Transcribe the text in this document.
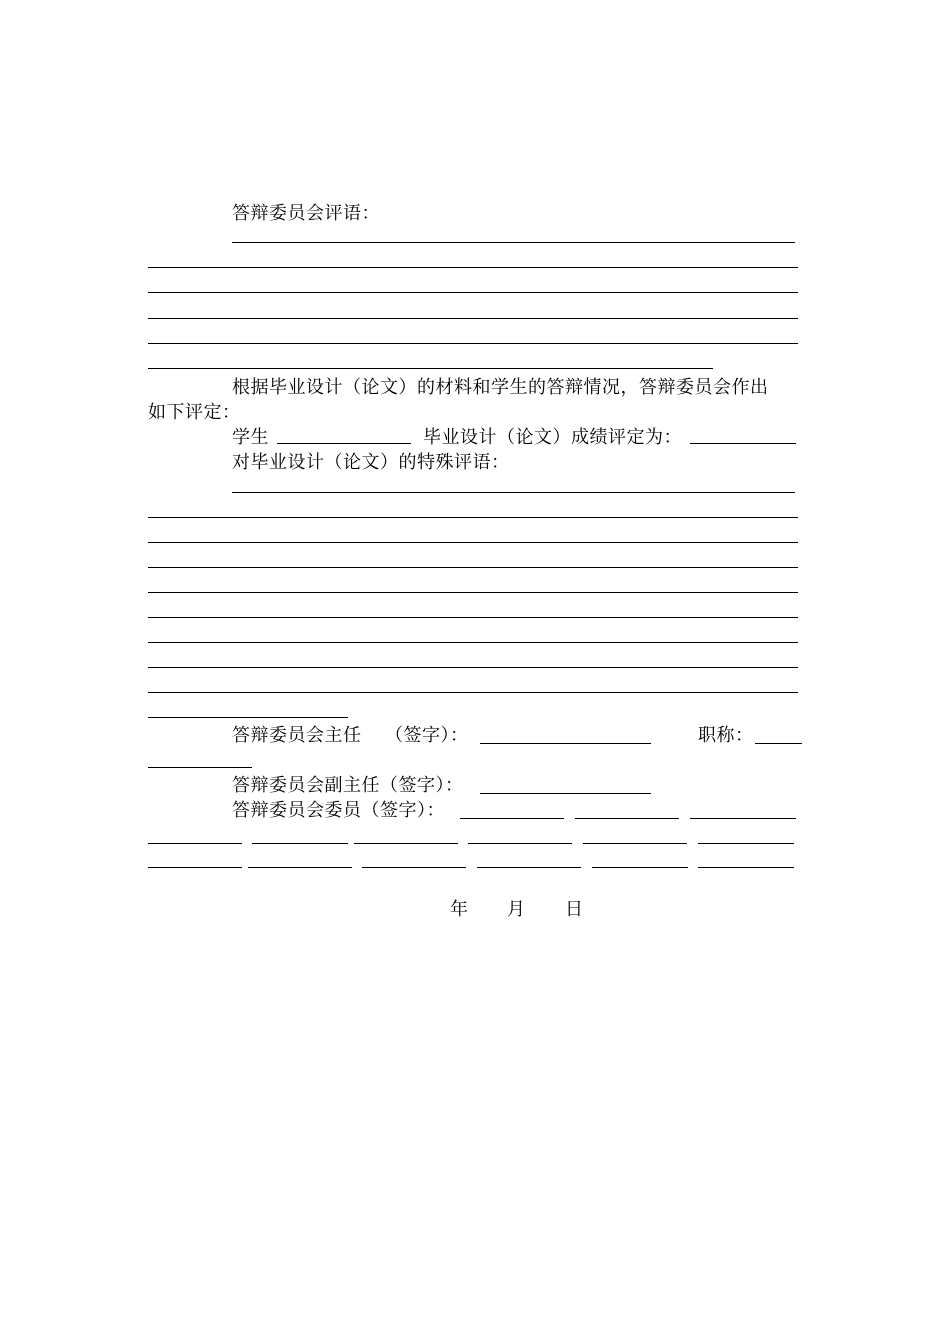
答辩委员会评语：
根据毕业设计（论文）的材料和学生的答辩情况，答辩委员会作出
如下评定：
学生	毕业设计（论文）成绩评定为：
对毕业设计（论文）的特殊评语：
答辩委员会主任 （签字）：	职称：
答辩委员会副主任（签字）：
答辩委员会委员（签字）：
年 月 日
